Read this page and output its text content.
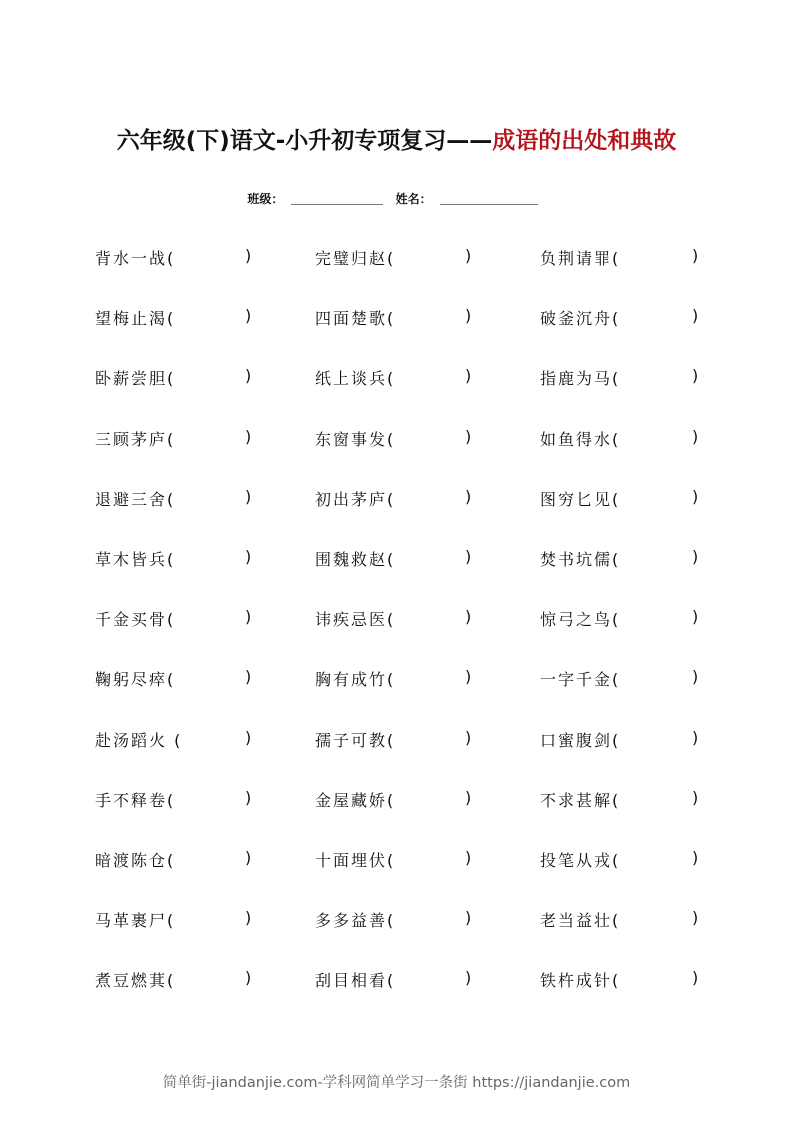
六年级(下)语文-小升初专项复习——成语的出处和典故
班级：	姓名：
背水一战(	)	完璧归赵(	)	负荆请罪(	)
望梅止渴(	)	四面楚歌(	)	破釜沉舟(	)
卧薪尝胆(	)	纸上谈兵(	)	指鹿为马(	)
三顾茅庐(	)	东窗事发(	)	如鱼得水(	)
退避三舍(	)	初出茅庐(	)	图穷匕见(	)
草木皆兵(	)	围魏救赵(	)	焚书坑儒(	)
千金买骨(	)	讳疾忌医(	)	惊弓之鸟(	)
鞠躬尽瘁(	)	胸有成竹(	)	一字千金(	)
赴汤蹈火 (	)	孺子可教(	)	口蜜腹剑(	)
手不释卷(	)	金屋藏娇(	)	不求甚解(	)
暗渡陈仓(	)	十面埋伏(	)	投笔从戎(	)
马革裹尸(	)	多多益善(	)	老当益壮(	)
煮豆燃萁(	)	刮目相看(	)	铁杵成针(	)
简单街-jiandanjie.com-学科网简单学习一条街 https://jiandanjie.com
